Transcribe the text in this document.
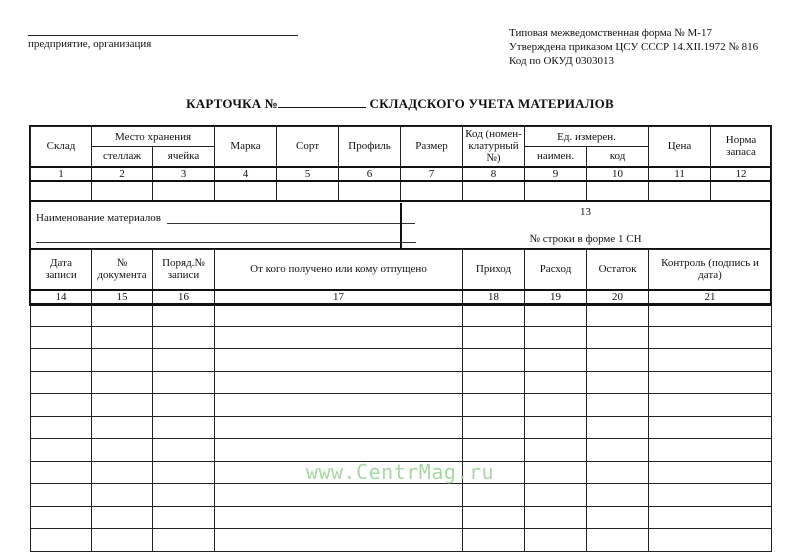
предприятие, организация
Типовая межведомственная форма № М-17
Утверждена приказом ЦСУ СССР 14.XII.1972 № 816
Код по ОКУД 0303013
КАРТОЧКА №	СКЛАДСКОГО УЧЕТА МАТЕРИАЛОВ
Склад	Место хранения		Марка	Сорт	Профиль	Размер	Код (номен-клатурный №)	Ед. измерен.		Цена	Норма запаса
	стеллаж	ячейка						наимен.	код		
1	2	3	4	5	6	7	8	9	10	11	12

Наименование материалов	13
№ строки в форме 1 СН
Дата записи	№ документа	Поряд.№ записи	От кого получено или кому отпущено	Приход	Расход	Остаток	Контроль (подпись и дата)
14	15	16	17	18	19	20	21

www.CentrMag.ru
